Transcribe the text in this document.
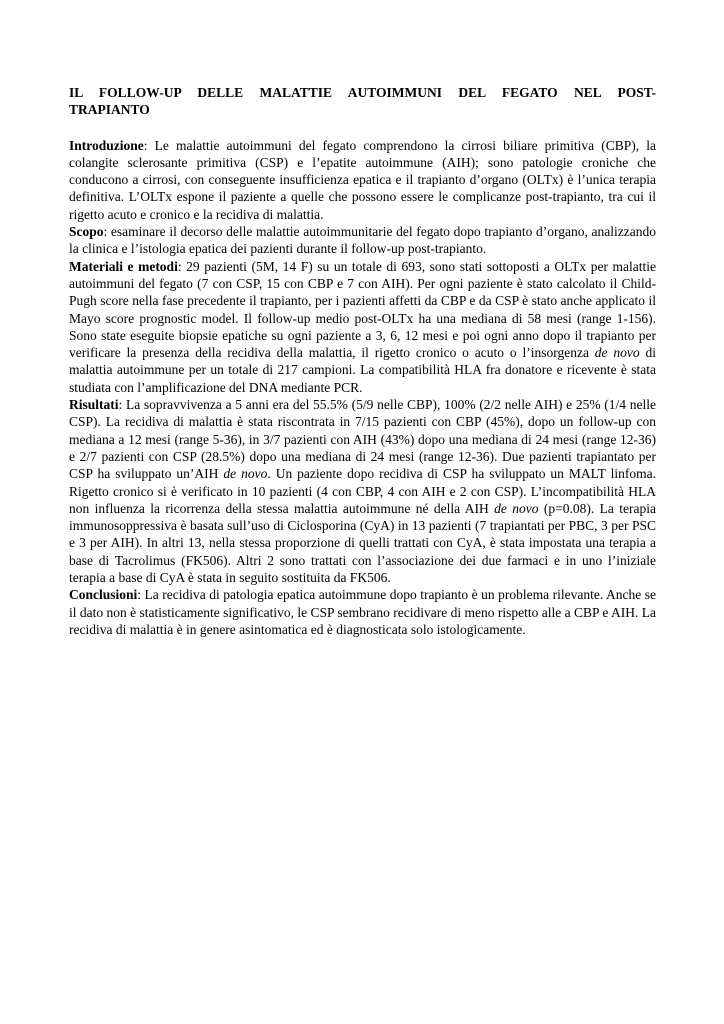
IL FOLLOW-UP DELLE MALATTIE AUTOIMMUNI DEL FEGATO NEL POST-TRAPIANTO

Introduzione: Le malattie autoimmuni del fegato comprendono la cirrosi biliare primitiva (CBP), la colangite sclerosante primitiva (CSP) e l’epatite autoimmune (AIH); sono patologie croniche che conducono a cirrosi, con conseguente insufficienza epatica e il trapianto d’organo (OLTx) è l’unica terapia definitiva. L’OLTx espone il paziente a quelle che possono essere le complicanze post-trapianto, tra cui il rigetto acuto e cronico e la recidiva di malattia.

Scopo: esaminare il decorso delle malattie autoimmunitarie del fegato dopo trapianto d’organo, analizzando la clinica e l’istologia epatica dei pazienti durante il follow-up post-trapianto.

Materiali e metodi: 29 pazienti (5M, 14 F) su un totale di 693, sono stati sottoposti a OLTx per malattie autoimmuni del fegato (7 con CSP, 15 con CBP e 7 con AIH). Per ogni paziente è stato calcolato il Child-Pugh score nella fase precedente il trapianto, per i pazienti affetti da CBP e da CSP è stato anche applicato il Mayo score prognostic model. Il follow-up medio post-OLTx ha una mediana di 58 mesi (range 1-156). Sono state eseguite biopsie epatiche su ogni paziente a 3, 6, 12 mesi e poi ogni anno dopo il trapianto per verificare la presenza della recidiva della malattia, il rigetto cronico o acuto o l’insorgenza de novo di malattia autoimmune per un totale di 217 campioni. La compatibilità HLA fra donatore e ricevente è stata studiata con l’amplificazione del DNA mediante PCR.

Risultati: La sopravvivenza a 5 anni era del 55.5% (5/9 nelle CBP), 100% (2/2 nelle AIH) e 25% (1/4 nelle CSP). La recidiva di malattia è stata riscontrata in 7/15 pazienti con CBP (45%), dopo un follow-up con mediana a 12 mesi (range 5-36), in 3/7 pazienti con AIH (43%) dopo una mediana di 24 mesi (range 12-36) e 2/7 pazienti con CSP (28.5%) dopo una mediana di 24 mesi (range 12-36). Due pazienti trapiantato per CSP ha sviluppato un’AIH de novo. Un paziente dopo recidiva di CSP ha sviluppato un MALT linfoma. Rigetto cronico si è verificato in 10 pazienti (4 con CBP, 4 con AIH e 2 con CSP). L’incompatibilità HLA non influenza la ricorrenza della stessa malattia autoimmune né della AIH de novo (p=0.08). La terapia immunosoppressiva è basata sull’uso di Ciclosporina (CyA) in 13 pazienti (7 trapiantati per PBC, 3 per PSC e 3 per AIH). In altri 13, nella stessa proporzione di quelli trattati con CyA, è stata impostata una terapia a base di Tacrolimus (FK506). Altri 2 sono trattati con l’associazione dei due farmaci e in uno l’iniziale terapia a base di CyA è stata in seguito sostituita da FK506.

Conclusioni: La recidiva di patologia epatica autoimmune dopo trapianto è un problema rilevante. Anche se il dato non è statisticamente significativo, le CSP sembrano recidivare di meno rispetto alle a CBP e AIH. La recidiva di malattia è in genere asintomatica ed è diagnosticata solo istologicamente.
